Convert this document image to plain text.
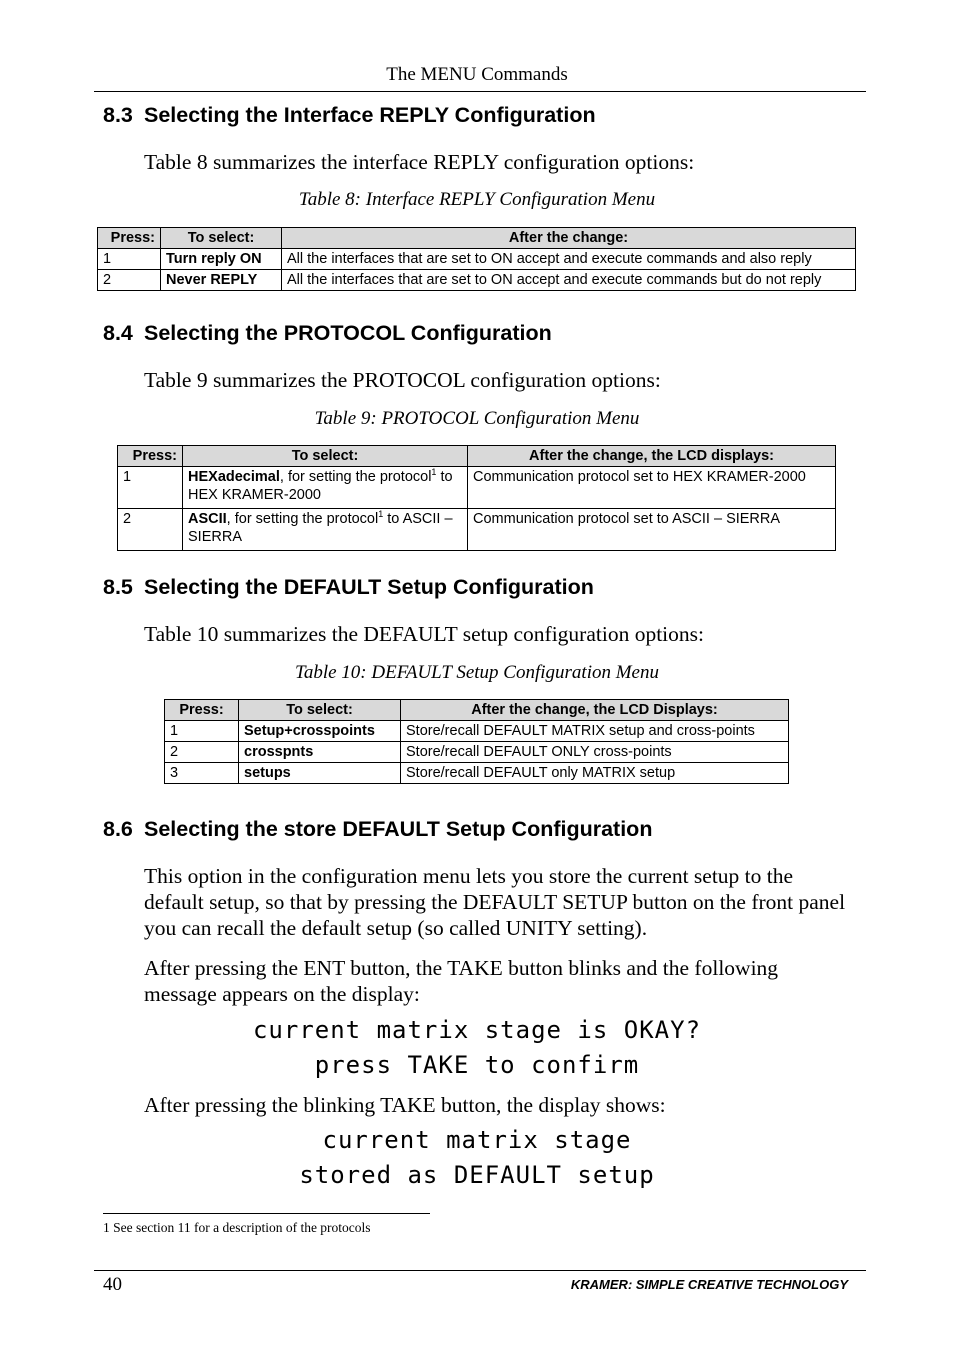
The MENU Commands
8.3 Selecting the Interface REPLY Configuration
Table 8 summarizes the interface REPLY configuration options:
Table 8: Interface REPLY Configuration Menu
Press:	To select:	After the change:
1	Turn reply ON	All the interfaces that are set to ON accept and execute commands and also reply
2	Never REPLY	All the interfaces that are set to ON accept and execute commands but do not reply
8.4 Selecting the PROTOCOL Configuration
Table 9 summarizes the PROTOCOL configuration options:
Table 9: PROTOCOL Configuration Menu
Press:	To select:	After the change, the LCD displays:
1	HEXadecimal, for setting the protocol$^1$ to HEX KRAMER-2000	Communication protocol set to HEX KRAMER-2000
2	ASCII, for setting the protocol$^1$ to ASCII – SIERRA	Communication protocol set to ASCII – SIERRA
8.5 Selecting the DEFAULT Setup Configuration
Table 10 summarizes the DEFAULT setup configuration options:
Table 10: DEFAULT Setup Configuration Menu
Press:	To select:	After the change, the LCD Displays:
1	Setup+crosspoints	Store/recall DEFAULT MATRIX setup and cross-points
2	crosspnts	Store/recall DEFAULT ONLY cross-points
3	setups	Store/recall DEFAULT only MATRIX setup
8.6 Selecting the store DEFAULT Setup Configuration
This option in the configuration menu lets you store the current setup to the default setup, so that by pressing the DEFAULT SETUP button on the front panel you can recall the default setup (so called UNITY setting).
After pressing the ENT button, the TAKE button blinks and the following message appears on the display:
current matrix stage is OKAY?
press TAKE to confirm
After pressing the blinking TAKE button, the display shows:
current matrix stage
stored as DEFAULT setup
1 See section 11 for a description of the protocols
40	KRAMER: SIMPLE CREATIVE TECHNOLOGY
